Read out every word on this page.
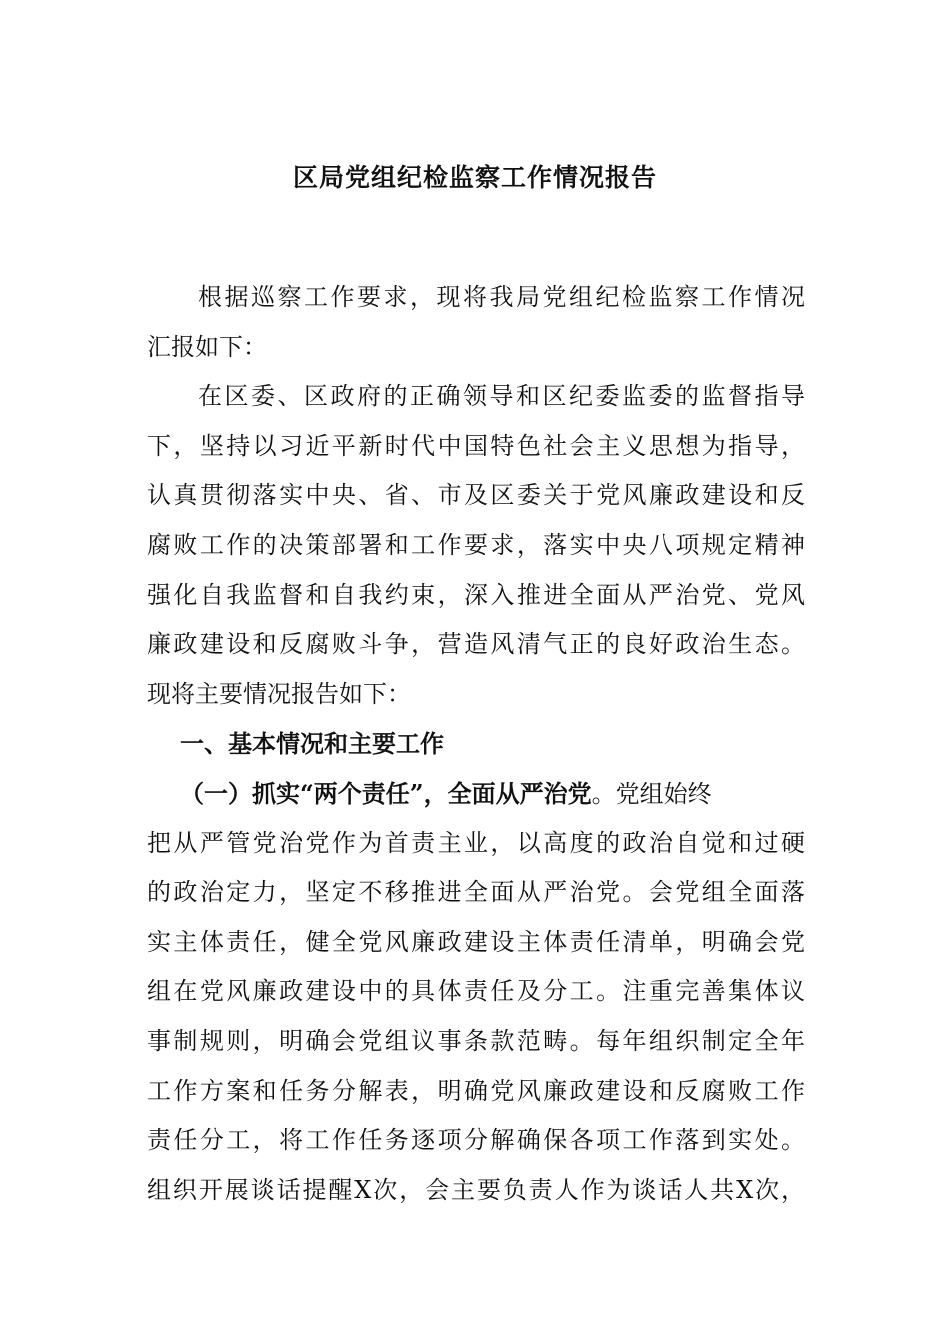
区局党组纪检监察工作情况报告
根据巡察工作要求，现将我局党组纪检监察工作情况
汇报如下：
在区委、区政府的正确领导和区纪委监委的监督指导
下，坚持以习近平新时代中国特色社会主义思想为指导，
认真贯彻落实中央、省、市及区委关于党风廉政建设和反
腐败工作的决策部署和工作要求，落实中央八项规定精神
强化自我监督和自我约束，深入推进全面从严治党、党风
廉政建设和反腐败斗争，营造风清气正的良好政治生态。
现将主要情况报告如下：
一、基本情况和主要工作
（一）抓实“两个责任”，全面从严治党。党组始终
把从严管党治党作为首责主业，以高度的政治自觉和过硬
的政治定力，坚定不移推进全面从严治党。会党组全面落
实主体责任，健全党风廉政建设主体责任清单，明确会党
组在党风廉政建设中的具体责任及分工。注重完善集体议
事制规则，明确会党组议事条款范畴。每年组织制定全年
工作方案和任务分解表，明确党风廉政建设和反腐败工作
责任分工，将工作任务逐项分解确保各项工作落到实处。
组织开展谈话提醒X次，会主要负责人作为谈话人共X次，
